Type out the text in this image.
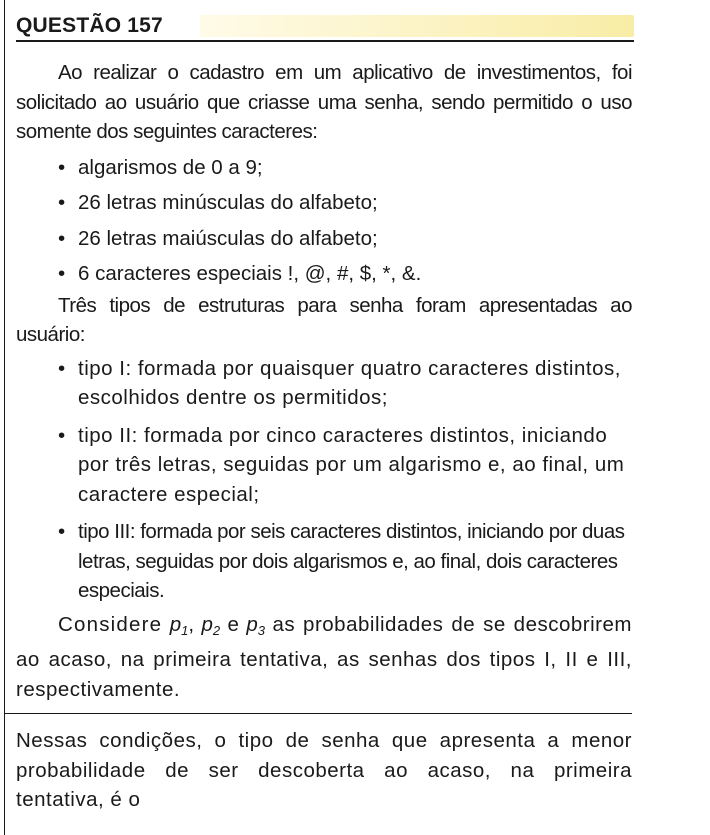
QUESTÃO 157

Ao realizar o cadastro em um aplicativo de investimentos, foi solicitado ao usuário que criasse uma senha, sendo permitido o uso somente dos seguintes caracteres:

• algarismos de 0 a 9;
• 26 letras minúsculas do alfabeto;
• 26 letras maiúsculas do alfabeto;
• 6 caracteres especiais !, @, #, $, *, &.

Três tipos de estruturas para senha foram apresentadas ao usuário:

• tipo I: formada por quaisquer quatro caracteres distintos, escolhidos dentre os permitidos;
• tipo II: formada por cinco caracteres distintos, iniciando por três letras, seguidas por um algarismo e, ao final, um caractere especial;
• tipo III: formada por seis caracteres distintos, iniciando por duas letras, seguidas por dois algarismos e, ao final, dois caracteres especiais.

Considere $p_1$, $p_2$ e $p_3$ as probabilidades de se descobrirem ao acaso, na primeira tentativa, as senhas dos tipos I, II e III, respectivamente.

Nessas condições, o tipo de senha que apresenta a menor probabilidade de ser descoberta ao acaso, na primeira tentativa, é o
